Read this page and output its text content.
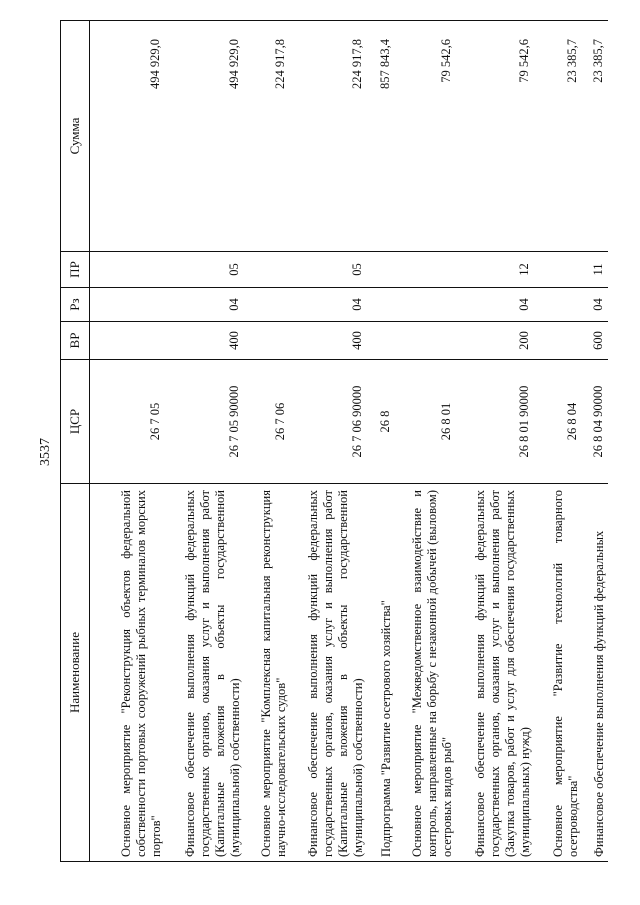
3537
Наименование	ЦСР	ВР	Рз	ПР	Сумма
Основное мероприятие "Реконструкция объектов федеральной собственности портовых сооружений рыбных терминалов морских портов"	26 7 05				494 929,0
Финансовое обеспечение выполнения функций федеральных государственных органов, оказания услуг и выполнения работ (Капитальные вложения в объекты государственной (муниципальной) собственности)	26 7 05 90000	400	04	05	494 929,0
Основное мероприятие "Комплексная капитальная реконструкция научно-исследовательских судов"	26 7 06				224 917,8
Финансовое обеспечение выполнения функций федеральных государственных органов, оказания услуг и выполнения работ (Капитальные вложения в объекты государственной (муниципальной) собственности)	26 7 06 90000	400	04	05	224 917,8
Подпрограмма "Развитие осетрового хозяйства"	26 8				857 843,4
Основное мероприятие "Межведомственное взаимодействие и контроль, направленные на борьбу с незаконной добычей (выловом) осетровых видов рыб"	26 8 01				79 542,6
Финансовое обеспечение выполнения функций федеральных государственных органов, оказания услуг и выполнения работ (Закупка товаров, работ и услуг для обеспечения государственных (муниципальных) нужд)	26 8 01 90000	200	04	12	79 542,6
Основное мероприятие "Развитие технологий товарного осетроводства"	26 8 04				23 385,7
Финансовое обеспечение выполнения функций федеральных	26 8 04 90000	600	04	11	23 385,7
